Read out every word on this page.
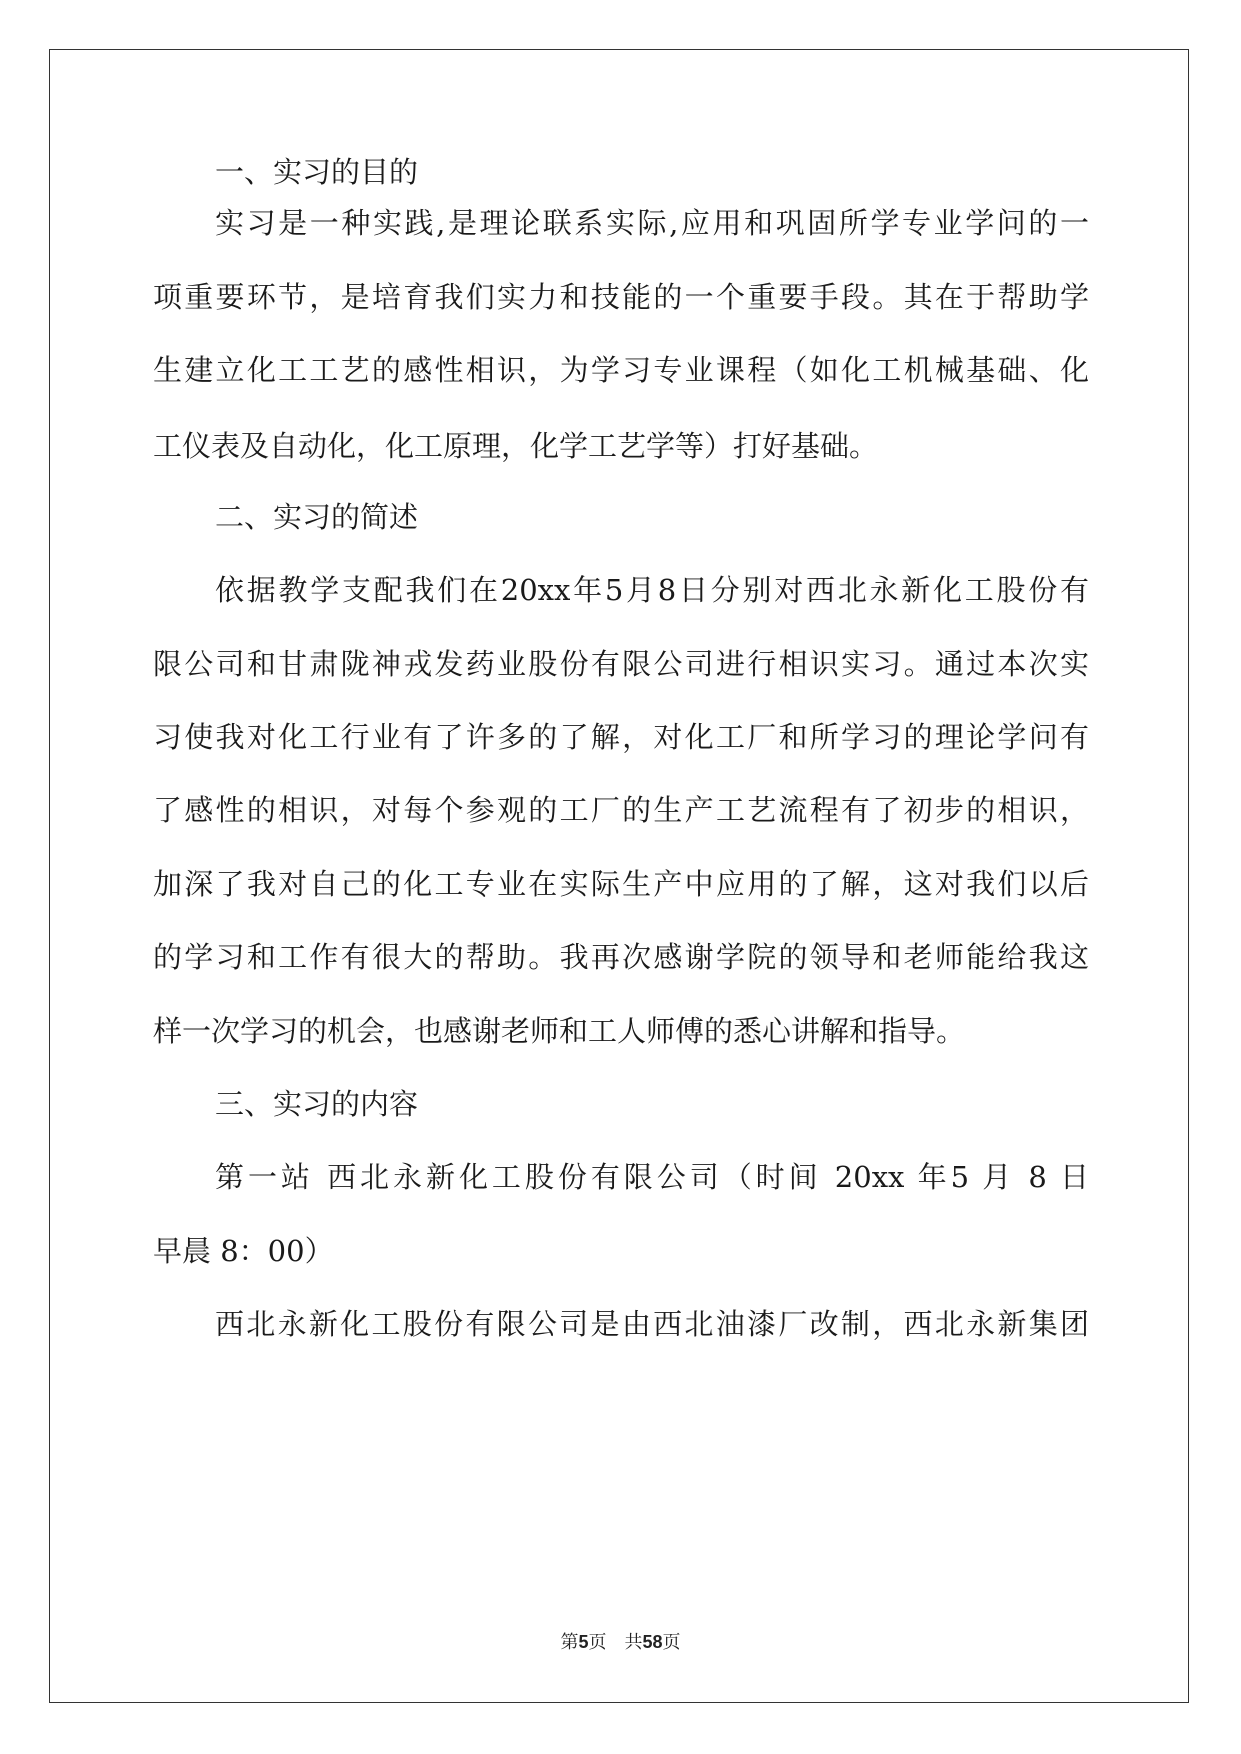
一、实习的目的
实习是一种实践,是理论联系实际,应用和巩固所学专业学问的一
项重要环节，是培育我们实力和技能的一个重要手段。其在于帮助学
生建立化工工艺的感性相识，为学习专业课程（如化工机械基础、化
工仪表及自动化，化工原理，化学工艺学等）打好基础。
二、实习的简述
依据教学支配我们在20xx年5月8日分别对西北永新化工股份有
限公司和甘肃陇神戎发药业股份有限公司进行相识实习。通过本次实
习使我对化工行业有了许多的了解，对化工厂和所学习的理论学问有
了感性的相识，对每个参观的工厂的生产工艺流程有了初步的相识，
加深了我对自己的化工专业在实际生产中应用的了解，这对我们以后
的学习和工作有很大的帮助。我再次感谢学院的领导和老师能给我这
样一次学习的机会，也感谢老师和工人师傅的悉心讲解和指导。
三、实习的内容
第一站 西北永新化工股份有限公司（时间 20xx 年5 月 8 日
早晨 8：00）
西北永新化工股份有限公司是由西北油漆厂改制，西北永新集团
第5页　共58页
